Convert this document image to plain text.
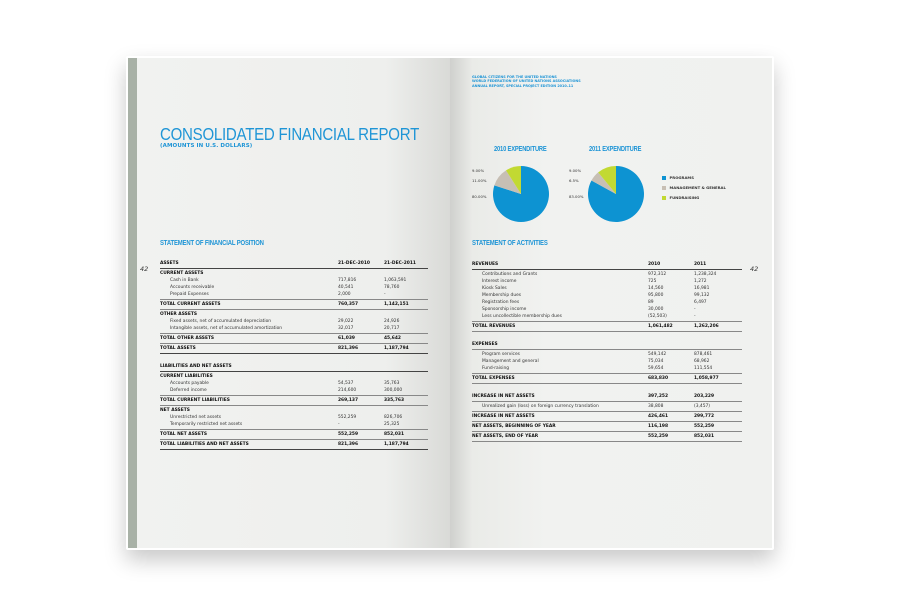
42
CONSOLIDATED FINANCIAL REPORT
(AMOUNTS IN U.S. DOLLARS)
STATEMENT OF FINANCIAL POSITION
ASSETS	21-DEC-2010	21-DEC-2011
CURRENT ASSETS
Cash in Bank	717,816	1,063,591
Accounts receivable	40,541	78,760
Prepaid Expenses	2,000	-
TOTAL CURRENT ASSETS	760,357	1,142,151
OTHER ASSETS
Fixed assets, net of accumulated depreciation	29,022	24,926
Intangible assets, net of accumulated amortization	32,017	20,717
TOTAL OTHER ASSETS	61,039	45,642
TOTAL ASSETS	821,396	1,187,794
LIABILITIES AND NET ASSETS
CURRENT LIABILITIES
Accounts payable	54,537	35,763
Deferred income	214,600	300,000
TOTAL CURRENT LIABILITIES	269,137	335,763
NET ASSETS
Unrestricted net assets	552,259	826,706
Temporarily restricted net assets	-	25,325
TOTAL NET ASSETS	552,259	852,031
TOTAL LIABILITIES AND NET ASSETS	821,396	1,187,794
GLOBAL CITIZENS FOR THE UNITED NATIONS
WORLD FEDERATION OF UNITED NATIONS ASSOCIATIONS
ANNUAL REPORT, SPECIAL PROJECT EDITION 2010–11
42
2010 EXPENDITURE	2011 EXPENDITURE
9.00%
11.00%
80.00%
9.00%
6.5%
83.00%
PROGRAMS
MANAGEMENT & GENERAL
FUNDRAISING
STATEMENT OF ACTIVITIES
REVENUES	2010	2011
Contributions and Grants	972,312	1,238,324
Interest income	725	1,272
Kiosk Sales	14,560	16,981
Membership dues	95,800	99,132
Registration fees	89	6,497
Sponsorship income	30,000	-
Less uncollectible membership dues	(52,503)	-
TOTAL REVENUES	1,061,482	1,262,206
EXPENSES
Program services	549,142	878,461
Management and general	75,034	68,962
Fund-raising	59,654	111,554
TOTAL EXPENSES	683,830	1,058,977
INCREASE IN NET ASSETS	397,252	203,229
Unrealized gain (loss) on foreign currency translation	38,808	(3,457)
INCREASE IN NET ASSETS	426,461	299,772
NET ASSETS, BEGINNING OF YEAR	116,198	552,259
NET ASSETS, END OF YEAR	552,259	852,031
